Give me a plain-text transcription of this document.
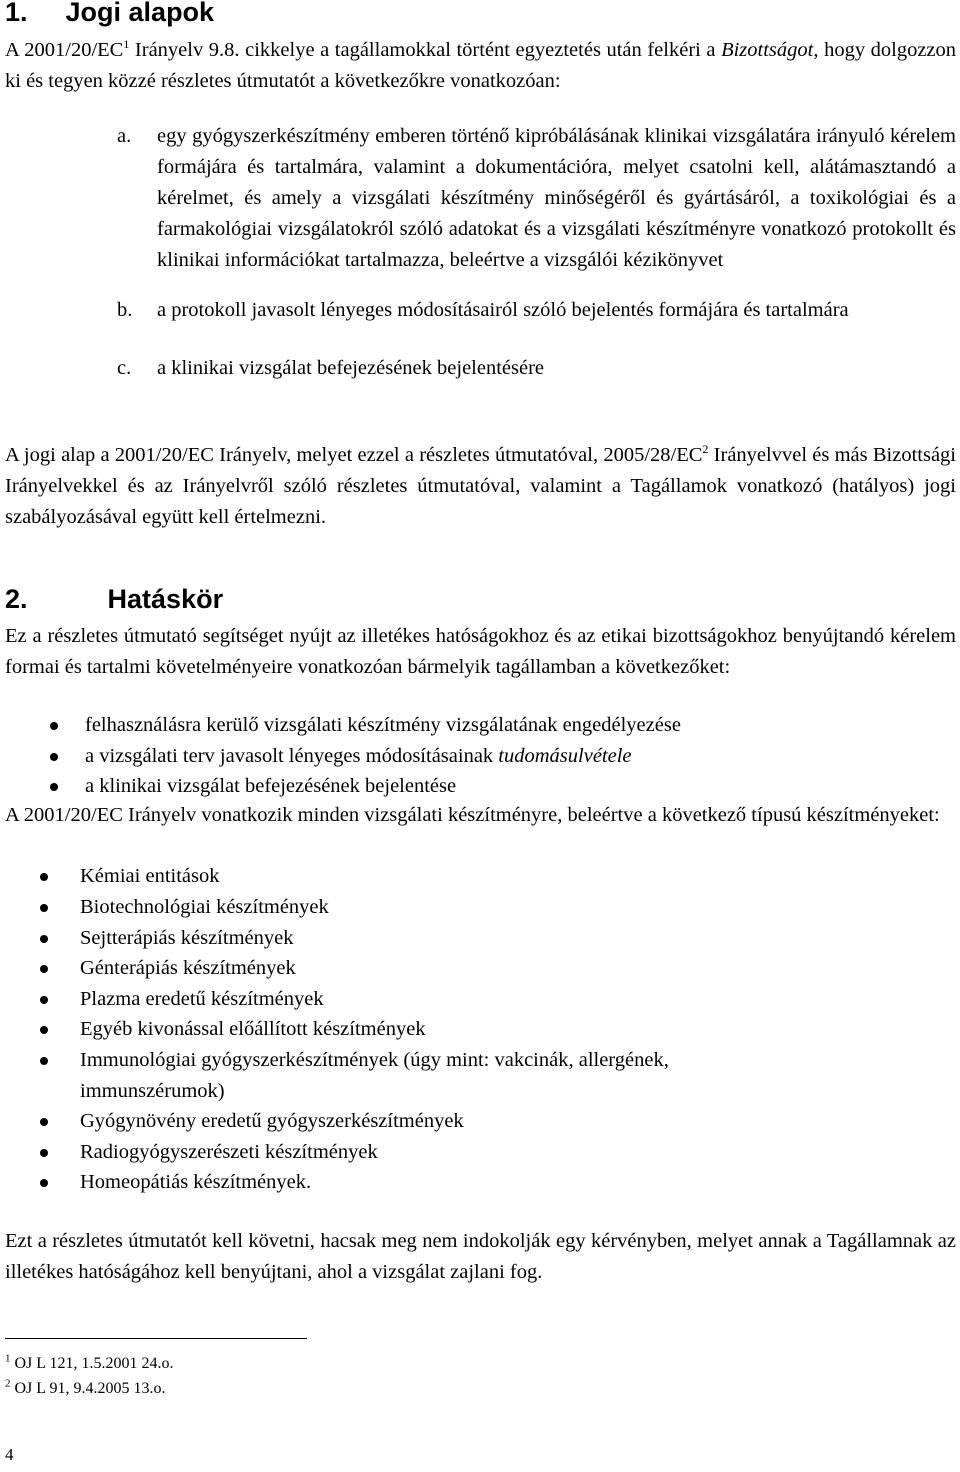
1. Jogi alapok
A $2001/20/EC^1$ Irányelv 9.8. cikkelye a tagállamokkal történt egyeztetés után felkéri a Bizottságot, hogy dolgozzon ki és tegyen közzé részletes útmutatót a következőkre vonatkozóan:
a. egy gyógyszerkészítmény emberen történő kipróbálásának klinikai vizsgálatára irányuló kérelem formájára és tartalmára, valamint a dokumentációra, melyet csatolni kell, alátámasztandó a kérelmet, és amely a vizsgálati készítmény minőségéről és gyártásáról, a toxikológiai és a farmakológiai vizsgálatokról szóló adatokat és a vizsgálati készítményre vonatkozó protokollt és klinikai információkat tartalmazza, beleértve a vizsgálói kézikönyvet
b. a protokoll javasolt lényeges módosításairól szóló bejelentés formájára és tartalmára
c. a klinikai vizsgálat befejezésének bejelentésére
A jogi alap a 2001/20/EC Irányelv, melyet ezzel a részletes útmutatóval, $2005/28/EC^2$ Irányelvvel és más Bizottsági Irányelvekkel és az Irányelvről szóló részletes útmutatóval, valamint a Tagállamok vonatkozó (hatályos) jogi szabályozásával együtt kell értelmezni.
2.	Hatáskör
Ez a részletes útmutató segítséget nyújt az illetékes hatóságokhoz és az etikai bizottságokhoz benyújtandó kérelem formai és tartalmi követelményeire vonatkozóan bármelyik tagállamban a következőket:
felhasználásra kerülő vizsgálati készítmény vizsgálatának engedélyezése
a vizsgálati terv javasolt lényeges módosításainak tudomásulvétele
a klinikai vizsgálat befejezésének bejelentése
A 2001/20/EC Irányelv vonatkozik minden vizsgálati készítményre, beleértve a következő típusú készítményeket:
Kémiai entitások
Biotechnológiai készítmények
Sejtterápiás készítmények
Génterápiás készítmények
Plazma eredetű készítmények
Egyéb kivonással előállított készítmények
Immunológiai gyógyszerkészítmények (úgy mint: vakcinák, allergének, immunszérumok)
Gyógynövény eredetű gyógyszerkészítmények
Radiogyógyszerészeti készítmények
Homeopátiás készítmények.
Ezt a részletes útmutatót kell követni, hacsak meg nem indokolják egy kérvényben, melyet annak a Tagállamnak az illetékes hatóságához kell benyújtani, ahol a vizsgálat zajlani fog.
$^1$ OJ L 121, 1.5.2001 24.o.
$^2$ OJ L 91, 9.4.2005 13.o.
4
